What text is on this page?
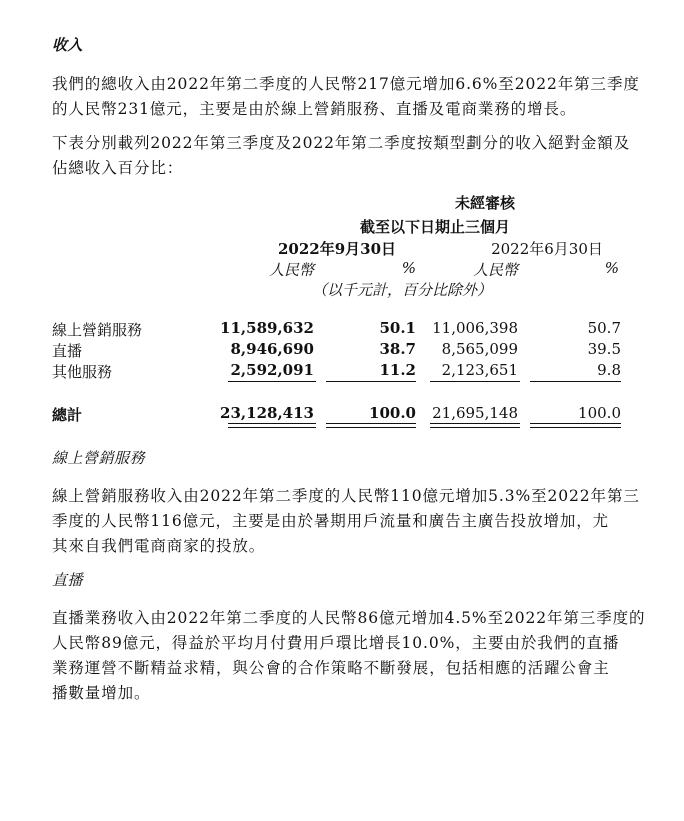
收入
我們的總收入由2022年第二季度的人民幣217億元增加6.6%至2022年第三季度
的人民幣231億元，主要是由於線上營銷服務、直播及電商業務的增長。
下表分別載列2022年第三季度及2022年第二季度按類型劃分的收入絕對金額及
佔總收入百分比：
未經審核
截至以下日期止三個月
2022年9月30日	2022年6月30日
人民幣	%	人民幣	%
（以千元計，百分比除外）
線上營銷服務	11,589,632	50.1	11,006,398	50.7
直播	8,946,690	38.7	8,565,099	39.5
其他服務	2,592,091	11.2	2,123,651	9.8
總計	23,128,413	100.0	21,695,148	100.0
線上營銷服務
線上營銷服務收入由2022年第二季度的人民幣110億元增加5.3%至2022年第三
季度的人民幣116億元，主要是由於暑期用戶流量和廣告主廣告投放增加，尤
其來自我們電商商家的投放。
直播
直播業務收入由2022年第二季度的人民幣86億元增加4.5%至2022年第三季度的
人民幣89億元，得益於平均月付費用戶環比增長10.0%，主要由於我們的直播
業務運營不斷精益求精，與公會的合作策略不斷發展，包括相應的活躍公會主
播數量增加。
